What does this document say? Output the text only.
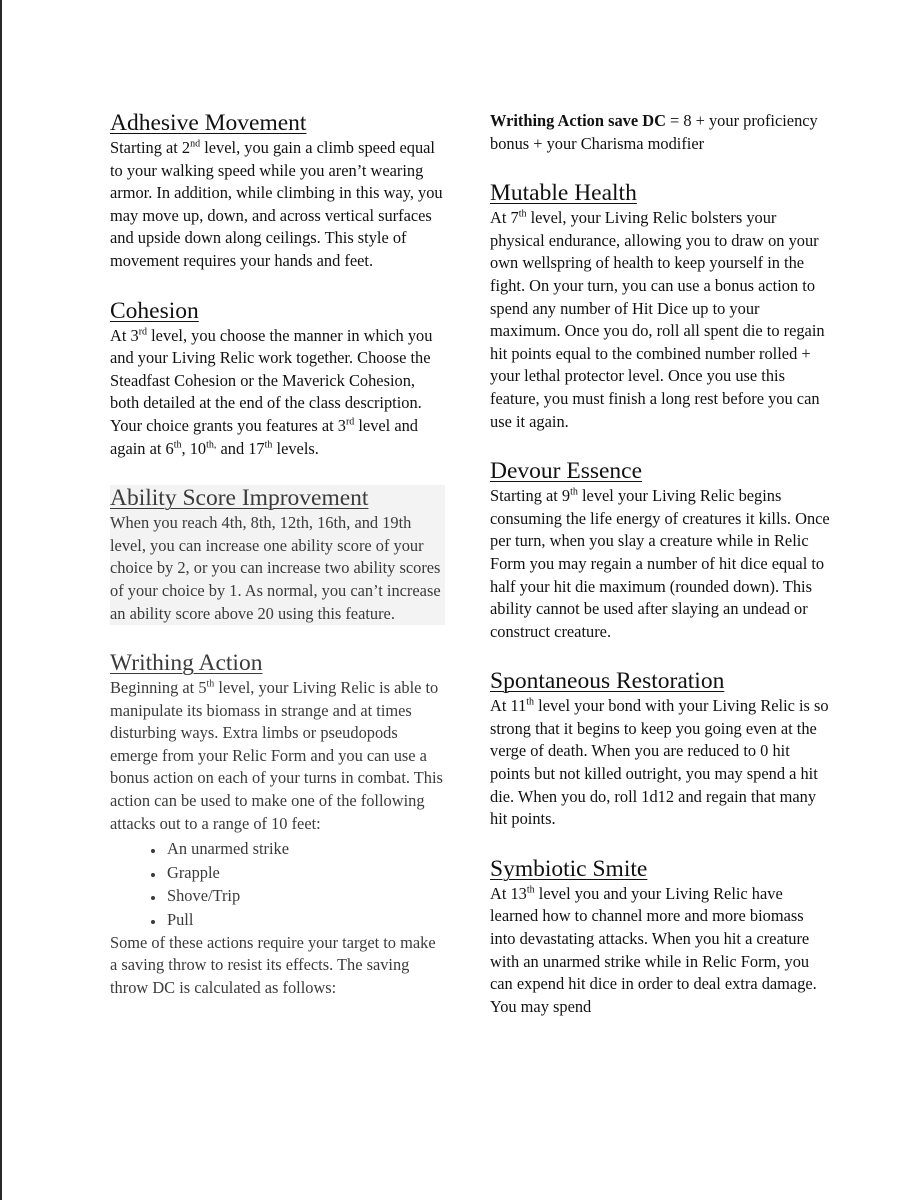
Adhesive Movement

Starting at 2nd level, you gain a climb speed equal to your walking speed while you aren’t wearing armor. In addition, while climbing in this way, you may move up, down, and across vertical surfaces and upside down along ceilings. This style of movement requires your hands and feet.

Cohesion

At 3rd level, you choose the manner in which you and your Living Relic work together. Choose the Steadfast Cohesion or the Maverick Cohesion, both detailed at the end of the class description. Your choice grants you features at 3rd level and again at 6th, $10^{th,}$ and 17th levels.

Ability Score Improvement

When you reach 4th, 8th, 12th, 16th, and 19th level, you can increase one ability score of your choice by 2, or you can increase two ability scores of your choice by 1. As normal, you can’t increase an ability score above 20 using this feature.

Writhing Action

Beginning at 5th level, your Living Relic is able to manipulate its biomass in strange and at times disturbing ways. Extra limbs or pseudopods emerge from your Relic Form and you can use a bonus action on each of your turns in combat. This action can be used to make one of the following attacks out to a range of 10 feet:

• An unarmed strike
• Grapple
• Shove/Trip
• Pull

Some of these actions require your target to make a saving throw to resist its effects. The saving throw DC is calculated as follows:

Writhing Action save DC = 8 + your proficiency bonus + your Charisma modifier

Mutable Health

At 7th level, your Living Relic bolsters your physical endurance, allowing you to draw on your own wellspring of health to keep yourself in the fight. On your turn, you can use a bonus action to spend any number of Hit Dice up to your maximum. Once you do, roll all spent die to regain hit points equal to the combined number rolled + your lethal protector level. Once you use this feature, you must finish a long rest before you can use it again.

Devour Essence

Starting at 9th level your Living Relic begins consuming the life energy of creatures it kills. Once per turn, when you slay a creature while in Relic Form you may regain a number of hit dice equal to half your hit die maximum (rounded down). This ability cannot be used after slaying an undead or construct creature.

Spontaneous Restoration

At 11th level your bond with your Living Relic is so strong that it begins to keep you going even at the verge of death. When you are reduced to 0 hit points but not killed outright, you may spend a hit die. When you do, roll 1d12 and regain that many hit points.

Symbiotic Smite

At 13th level you and your Living Relic have learned how to channel more and more biomass into devastating attacks. When you hit a creature with an unarmed strike while in Relic Form, you can expend hit dice in order to deal extra damage. You may spend
